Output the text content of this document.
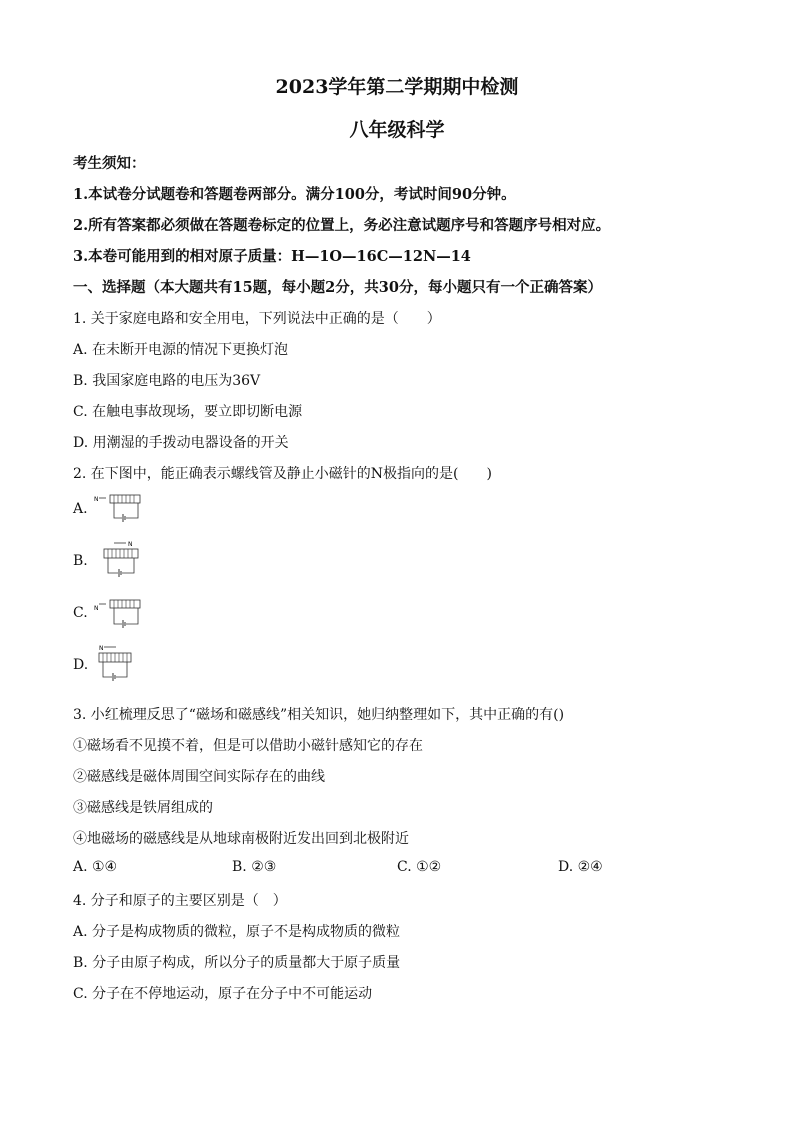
2023学年第二学期期中检测
八年级科学
考生须知：
1.本试卷分试题卷和答题卷两部分。满分100分，考试时间90分钟。
2.所有答案都必须做在答题卷标定的位置上，务必注意试题序号和答题序号相对应。
3.本卷可能用到的相对原子质量：H—1O—16C—12N—14
一、选择题（本大题共有15题，每小题2分，共30分，每小题只有一个正确答案）
1. 关于家庭电路和安全用电，下列说法中正确的是（　　）
A. 在未断开电源的情况下更换灯泡
B. 我国家庭电路的电压为36V
C. 在触电事故现场，要立即切断电源
D. 用潮湿的手拨动电器设备的开关
2. 在下图中，能正确表示螺线管及静止小磁针的N极指向的是(　　)
A.
N
B.
N
C. N
D.
N
3. 小红梳理反思了“磁场和磁感线”相关知识，她归纳整理如下，其中正确的有()
①磁场看不见摸不着，但是可以借助小磁针感知它的存在
②磁感线是磁体周围空间实际存在的曲线
③磁感线是铁屑组成的
④地磁场的磁感线是从地球南极附近发出回到北极附近
A. ①④	B. ②③	C. ①②	D. ②④
4. 分子和原子的主要区别是（　）
A. 分子是构成物质的微粒，原子不是构成物质的微粒
B. 分子由原子构成，所以分子的质量都大于原子质量
C. 分子在不停地运动，原子在分子中不可能运动
